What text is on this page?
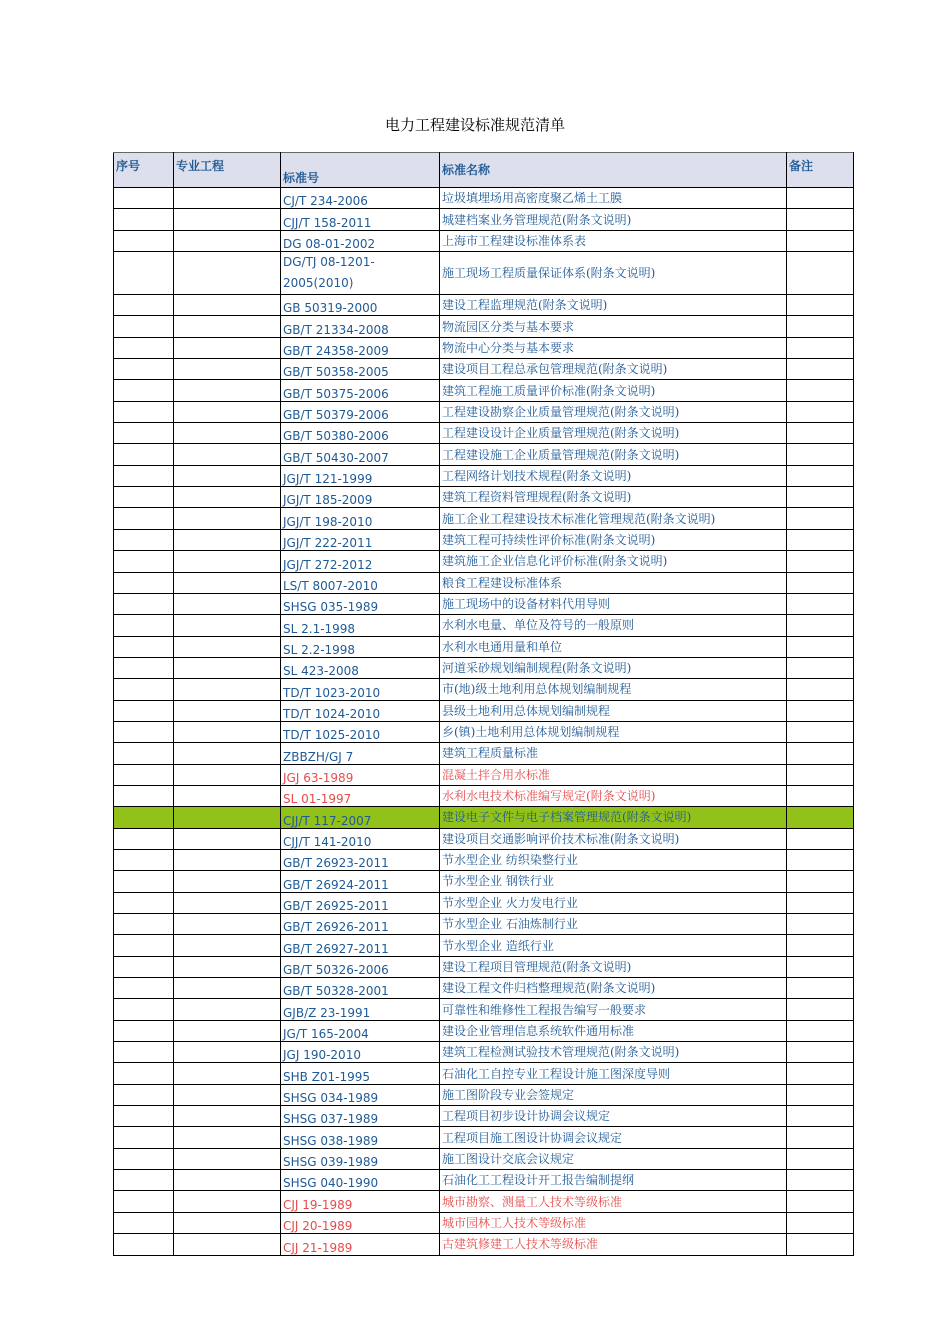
电力工程建设标准规范清单
序号	专业工程	标准号	标准名称	备注
		CJ/T 234-2006	垃圾填埋场用高密度聚乙烯土工膜	
		CJJ/T 158-2011	城建档案业务管理规范(附条文说明)	
		DG 08-01-2002	上海市工程建设标准体系表	

		DG/TJ 08-1201-2005(2010)	施工现场工程质量保证体系(附条文说明)	
		GB 50319-2000	建设工程监理规范(附条文说明)	
		GB/T 21334-2008	物流园区分类与基本要求	
		GB/T 24358-2009	物流中心分类与基本要求	
		GB/T 50358-2005	建设项目工程总承包管理规范(附条文说明)	
		GB/T 50375-2006	建筑工程施工质量评价标准(附条文说明)	
		GB/T 50379-2006	工程建设勘察企业质量管理规范(附条文说明)	
		GB/T 50380-2006	工程建设设计企业质量管理规范(附条文说明)	
		GB/T 50430-2007	工程建设施工企业质量管理规范(附条文说明)	
		JGJ/T 121-1999	工程网络计划技术规程(附条文说明)	
		JGJ/T 185-2009	建筑工程资料管理规程(附条文说明)	
		JGJ/T 198-2010	施工企业工程建设技术标准化管理规范(附条文说明)	
		JGJ/T 222-2011	建筑工程可持续性评价标准(附条文说明)	
		JGJ/T 272-2012	建筑施工企业信息化评价标准(附条文说明)	
		LS/T 8007-2010	粮食工程建设标准体系	
		SHSG 035-1989	施工现场中的设备材料代用导则	
		SL 2.1-1998	水利水电量、单位及符号的一般原则	
		SL 2.2-1998	水利水电通用量和单位	
		SL 423-2008	河道采砂规划编制规程(附条文说明)	
		TD/T 1023-2010	市(地)级土地利用总体规划编制规程	
		TD/T 1024-2010	县级土地利用总体规划编制规程	
		TD/T 1025-2010	乡(镇)土地利用总体规划编制规程	
		ZBBZH/GJ 7	建筑工程质量标准	
		JGJ 63-1989	混凝土拌合用水标准	
		SL 01-1997	水利水电技术标准编写规定(附条文说明)	
		CJJ/T 117-2007	建设电子文件与电子档案管理规范(附条文说明)	
		CJJ/T 141-2010	建设项目交通影响评价技术标准(附条文说明)	
		GB/T 26923-2011	节水型企业 纺织染整行业	
		GB/T 26924-2011	节水型企业 钢铁行业	
		GB/T 26925-2011	节水型企业 火力发电行业	
		GB/T 26926-2011	节水型企业 石油炼制行业	
		GB/T 26927-2011	节水型企业 造纸行业	
		GB/T 50326-2006	建设工程项目管理规范(附条文说明)	
		GB/T 50328-2001	建设工程文件归档整理规范(附条文说明)	
		GJB/Z 23-1991	可靠性和维修性工程报告编写一般要求	
		JG/T 165-2004	建设企业管理信息系统软件通用标准	
		JGJ 190-2010	建筑工程检测试验技术管理规范(附条文说明)	
		SHB Z01-1995	石油化工自控专业工程设计施工图深度导则	
		SHSG 034-1989	施工图阶段专业会签规定	
		SHSG 037-1989	工程项目初步设计协调会议规定	
		SHSG 038-1989	工程项目施工图设计协调会议规定	
		SHSG 039-1989	施工图设计交底会议规定	
		SHSG 040-1990	石油化工工程设计开工报告编制提纲	
		CJJ 19-1989	城市勘察、测量工人技术等级标准	
		CJJ 20-1989	城市园林工人技术等级标准	
		CJJ 21-1989	古建筑修建工人技术等级标准	
